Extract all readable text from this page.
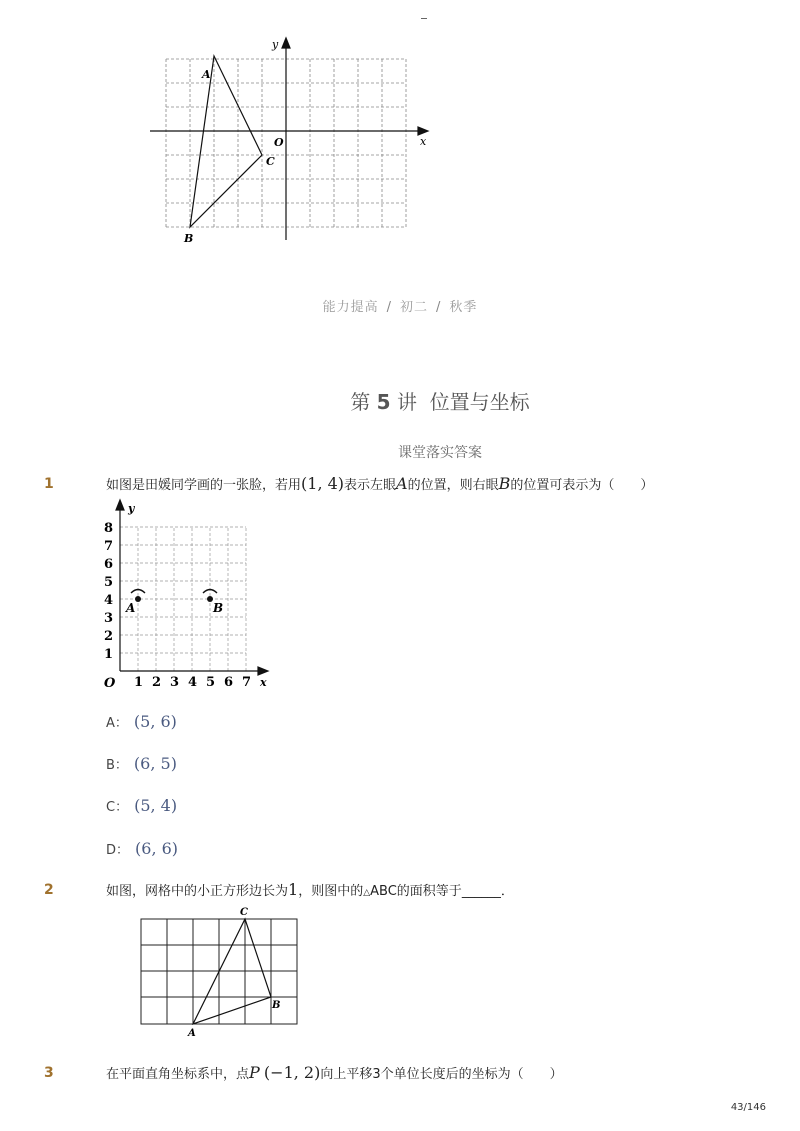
A
B
C
O	x
y
能力提高 / 初二 / 秋季
第 5 讲 位置与坐标
课堂落实答案
1	如图是田媛同学画的一张脸，若用(1, 4)表示左眼A的位置，则右眼B的位置可表示为（　　）
1 2 3 4 5 6 7
1
2
3
4
5
6
7
8
A	B
O	x
y
A： (5, 6)
B： (6, 5)
C： (5, 4)
D： (6, 6)
2	如图，网格中的小正方形边长为1，则图中的△ABC的面积等于______．
A
B
C
3	在平面直角坐标系中，点P (−1, 2)向上平移3个单位长度后的坐标为（　　）
43/146
